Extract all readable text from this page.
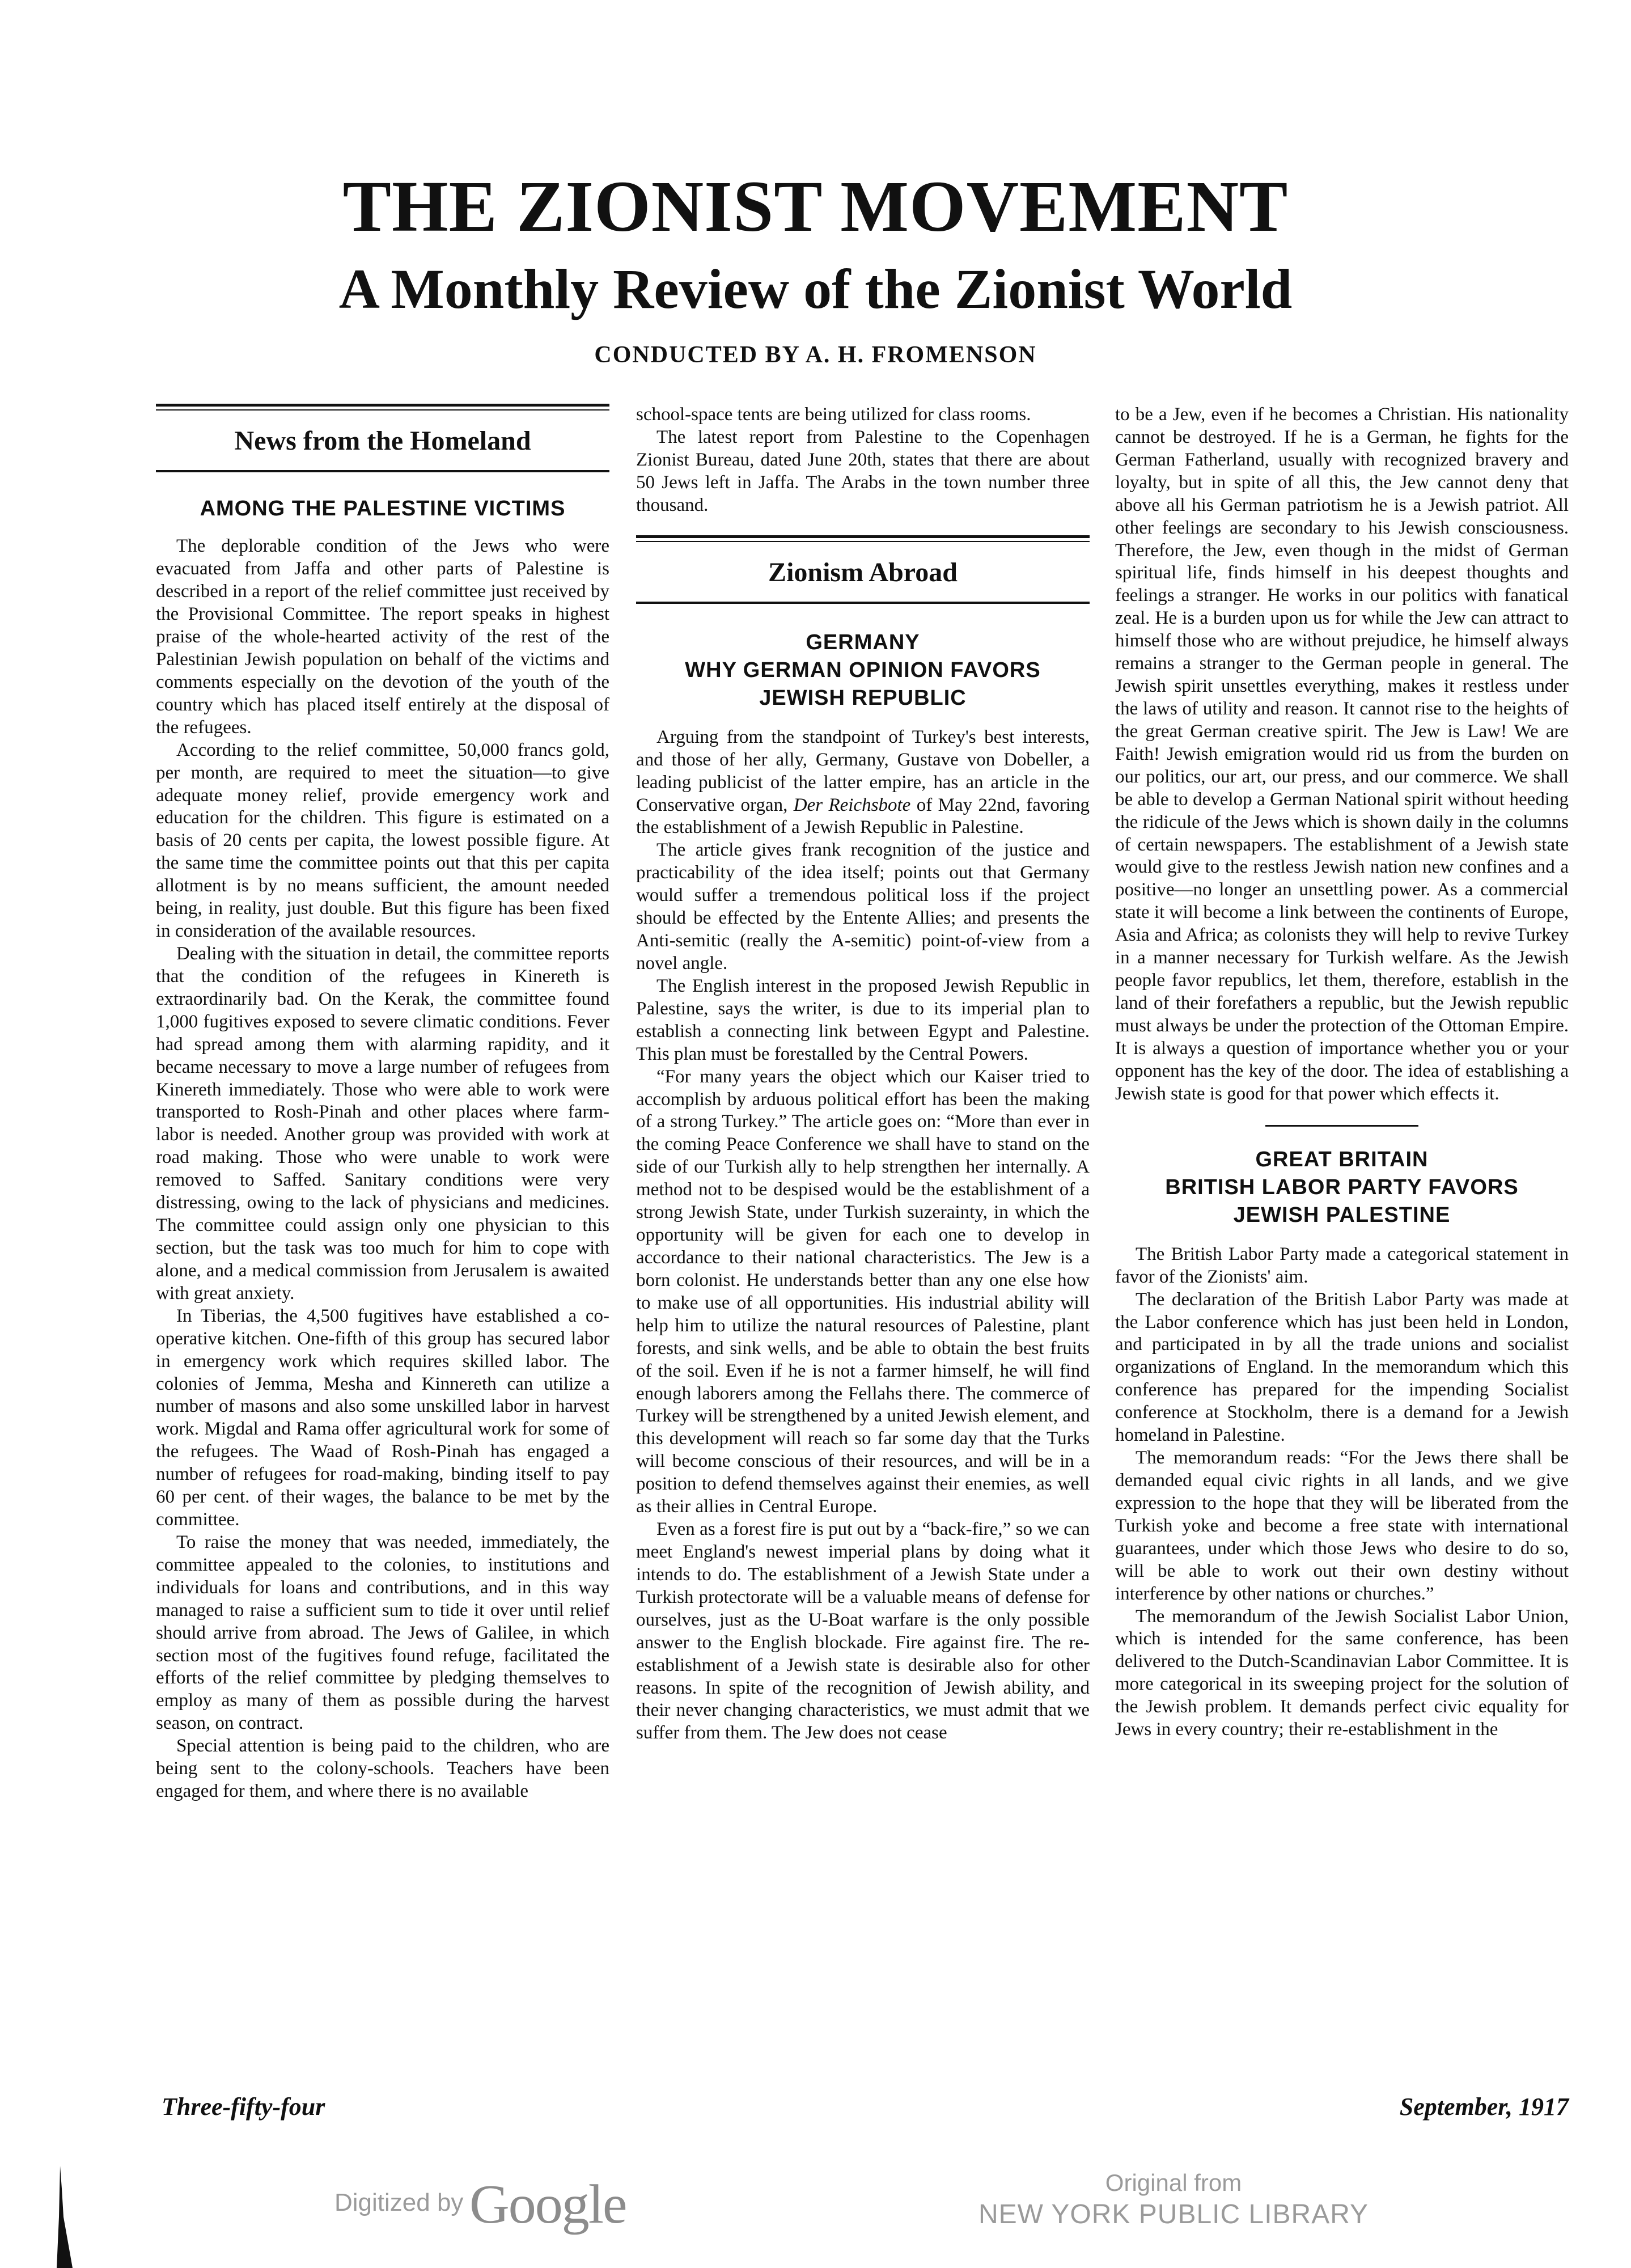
THE ZIONIST MOVEMENT
A Monthly Review of the Zionist World
CONDUCTED BY A. H. FROMENSON
News from the Homeland
AMONG THE PALESTINE VICTIMS

The deplorable condition of the Jews who were evacuated from Jaffa and other parts of Palestine is described in a report of the relief committee just received by the Provisional Committee. The report speaks in highest praise of the whole-hearted activity of the rest of the Palestinian Jewish population on behalf of the victims and comments especially on the devotion of the youth of the country which has placed itself entirely at the disposal of the refugees.

According to the relief committee, 50,000 francs gold, per month, are required to meet the situation—to give adequate money relief, provide emergency work and education for the children. This figure is estimated on a basis of 20 cents per capita, the lowest possible figure. At the same time the committee points out that this per capita allotment is by no means sufficient, the amount needed being, in reality, just double. But this figure has been fixed in consideration of the available resources.

Dealing with the situation in detail, the committee reports that the condition of the refugees in Kinereth is extraordinarily bad. On the Kerak, the committee found 1,000 fugitives exposed to severe climatic conditions. Fever had spread among them with alarming rapidity, and it became necessary to move a large number of refugees from Kinereth immediately. Those who were able to work were transported to Rosh-Pinah and other places where farm-labor is needed. Another group was provided with work at road making. Those who were unable to work were removed to Saffed. Sanitary conditions were very distressing, owing to the lack of physicians and medicines. The committee could assign only one physician to this section, but the task was too much for him to cope with alone, and a medical commission from Jerusalem is awaited with great anxiety.

In Tiberias, the 4,500 fugitives have established a co-operative kitchen. One-fifth of this group has secured labor in emergency work which requires skilled labor. The colonies of Jemma, Mesha and Kinnereth can utilize a number of masons and also some unskilled labor in harvest work. Migdal and Rama offer agricultural work for some of the refugees. The Waad of Rosh-Pinah has engaged a number of refugees for road-making, binding itself to pay 60 per cent. of their wages, the balance to be met by the committee.

To raise the money that was needed, immediately, the committee appealed to the colonies, to institutions and individuals for loans and contributions, and in this way managed to raise a sufficient sum to tide it over until relief should arrive from abroad. The Jews of Galilee, in which section most of the fugitives found refuge, facilitated the efforts of the relief committee by pledging themselves to employ as many of them as possible during the harvest season, on contract.

Special attention is being paid to the children, who are being sent to the colony-schools. Teachers have been engaged for them, and where there is no available

school-space tents are being utilized for class rooms.

The latest report from Palestine to the Copenhagen Zionist Bureau, dated June 20th, states that there are about 50 Jews left in Jaffa. The Arabs in the town number three thousand.

Zionism Abroad
GERMANY
WHY GERMAN OPINION FAVORS
JEWISH REPUBLIC

Arguing from the standpoint of Turkey's best interests, and those of her ally, Germany, Gustave von Dobeller, a leading publicist of the latter empire, has an article in the Conservative organ, Der Reichsbote of May 22nd, favoring the establishment of a Jewish Republic in Palestine.

The article gives frank recognition of the justice and practicability of the idea itself; points out that Germany would suffer a tremendous political loss if the project should be effected by the Entente Allies; and presents the Anti-semitic (really the A-semitic) point-of-view from a novel angle.

The English interest in the proposed Jewish Republic in Palestine, says the writer, is due to its imperial plan to establish a connecting link between Egypt and Palestine. This plan must be forestalled by the Central Powers.

“For many years the object which our Kaiser tried to accomplish by arduous political effort has been the making of a strong Turkey.” The article goes on: “More than ever in the coming Peace Conference we shall have to stand on the side of our Turkish ally to help strengthen her internally. A method not to be despised would be the establishment of a strong Jewish State, under Turkish suzerainty, in which the opportunity will be given for each one to develop in accordance to their national characteristics. The Jew is a born colonist. He understands better than any one else how to make use of all opportunities. His industrial ability will help him to utilize the natural resources of Palestine, plant forests, and sink wells, and be able to obtain the best fruits of the soil. Even if he is not a farmer himself, he will find enough laborers among the Fellahs there. The commerce of Turkey will be strengthened by a united Jewish element, and this development will reach so far some day that the Turks will become conscious of their resources, and will be in a position to defend themselves against their enemies, as well as their allies in Central Europe.

Even as a forest fire is put out by a “back-fire,” so we can meet England's newest imperial plans by doing what it intends to do. The establishment of a Jewish State under a Turkish protectorate will be a valuable means of defense for ourselves, just as the U-Boat warfare is the only possible answer to the English blockade. Fire against fire. The re-establishment of a Jewish state is desirable also for other reasons. In spite of the recognition of Jewish ability, and their never changing characteristics, we must admit that we suffer from them. The Jew does not cease

to be a Jew, even if he becomes a Christian. His nationality cannot be destroyed. If he is a German, he fights for the German Fatherland, usually with recognized bravery and loyalty, but in spite of all this, the Jew cannot deny that above all his German patriotism he is a Jewish patriot. All other feelings are secondary to his Jewish consciousness. Therefore, the Jew, even though in the midst of German spiritual life, finds himself in his deepest thoughts and feelings a stranger. He works in our politics with fanatical zeal. He is a burden upon us for while the Jew can attract to himself those who are without prejudice, he himself always remains a stranger to the German people in general. The Jewish spirit unsettles everything, makes it restless under the laws of utility and reason. It cannot rise to the heights of the great German creative spirit. The Jew is Law! We are Faith! Jewish emigration would rid us from the burden on our politics, our art, our press, and our commerce. We shall be able to develop a German National spirit without heeding the ridicule of the Jews which is shown daily in the columns of certain newspapers. The establishment of a Jewish state would give to the restless Jewish nation new confines and a positive—no longer an unsettling power. As a commercial state it will become a link between the continents of Europe, Asia and Africa; as colonists they will help to revive Turkey in a manner necessary for Turkish welfare. As the Jewish people favor republics, let them, therefore, establish in the land of their forefathers a republic, but the Jewish republic must always be under the protection of the Ottoman Empire. It is always a question of importance whether you or your opponent has the key of the door. The idea of establishing a Jewish state is good for that power which effects it.

GREAT BRITAIN
BRITISH LABOR PARTY FAVORS
JEWISH PALESTINE

The British Labor Party made a categorical statement in favor of the Zionists' aim.

The declaration of the British Labor Party was made at the Labor conference which has just been held in London, and participated in by all the trade unions and socialist organizations of England. In the memorandum which this conference has prepared for the impending Socialist conference at Stockholm, there is a demand for a Jewish homeland in Palestine.

The memorandum reads: “For the Jews there shall be demanded equal civic rights in all lands, and we give expression to the hope that they will be liberated from the Turkish yoke and become a free state with international guarantees, under which those Jews who desire to do so, will be able to work out their own destiny without interference by other nations or churches.”

The memorandum of the Jewish Socialist Labor Union, which is intended for the same conference, has been delivered to the Dutch-Scandinavian Labor Committee. It is more categorical in its sweeping project for the solution of the Jewish problem. It demands perfect civic equality for Jews in every country; their re-establishment in the

Three-fifty-four	September, 1917
Digitized by Google	Original from
NEW YORK PUBLIC LIBRARY
